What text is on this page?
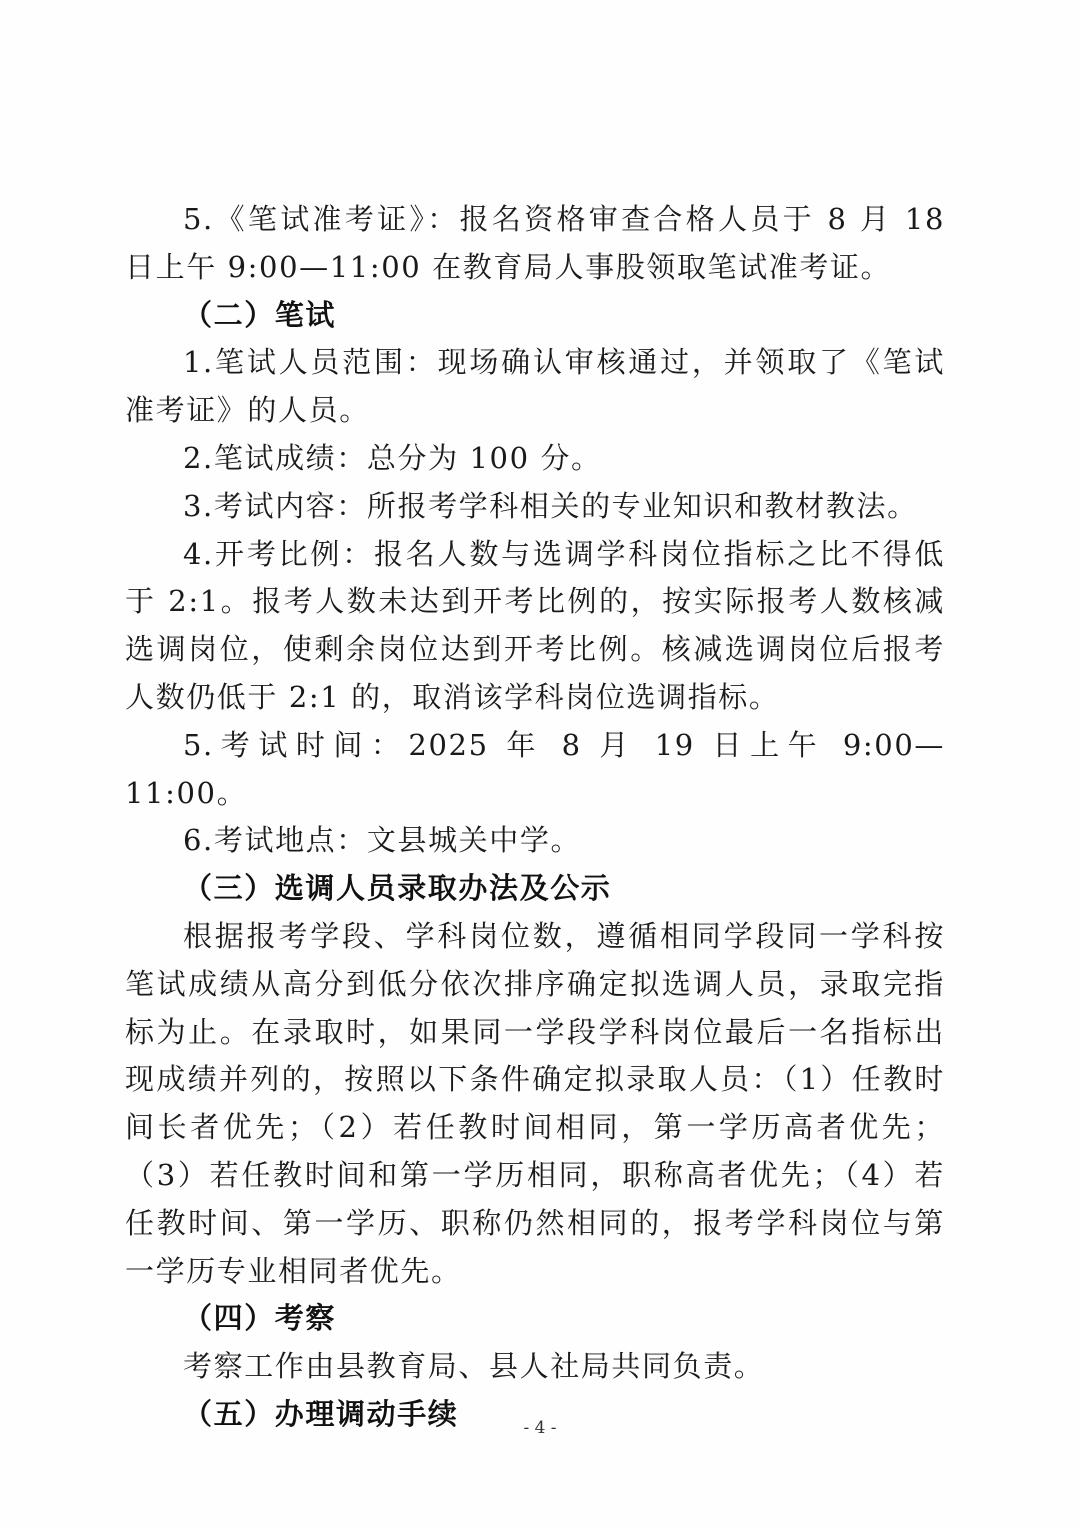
5.《笔试准考证》：报名资格审查合格人员于 8 月 18 日上午 9:00—11:00 在教育局人事股领取笔试准考证。

（二）笔试

1.笔试人员范围：现场确认审核通过，并领取了《笔试准考证》的人员。

2.笔试成绩：总分为 100 分。

3.考试内容：所报考学科相关的专业知识和教材教法。

4.开考比例：报名人数与选调学科岗位指标之比不得低于 2:1。报考人数未达到开考比例的，按实际报考人数核减选调岗位，使剩余岗位达到开考比例。核减选调岗位后报考人数仍低于 2:1 的，取消该学科岗位选调指标。

5.考试时间：2025 年 8 月 19 日上午 9:00—11:00。

6.考试地点：文县城关中学。

（三）选调人员录取办法及公示

根据报考学段、学科岗位数，遵循相同学段同一学科按笔试成绩从高分到低分依次排序确定拟选调人员，录取完指标为止。在录取时，如果同一学段学科岗位最后一名指标出现成绩并列的，按照以下条件确定拟录取人员：（1）任教时间长者优先；（2）若任教时间相同，第一学历高者优先；（3）若任教时间和第一学历相同，职称高者优先；（4）若任教时间、第一学历、职称仍然相同的，报考学科岗位与第一学历专业相同者优先。

（四）考察

考察工作由县教育局、县人社局共同负责。

（五）办理调动手续	- 4 -
